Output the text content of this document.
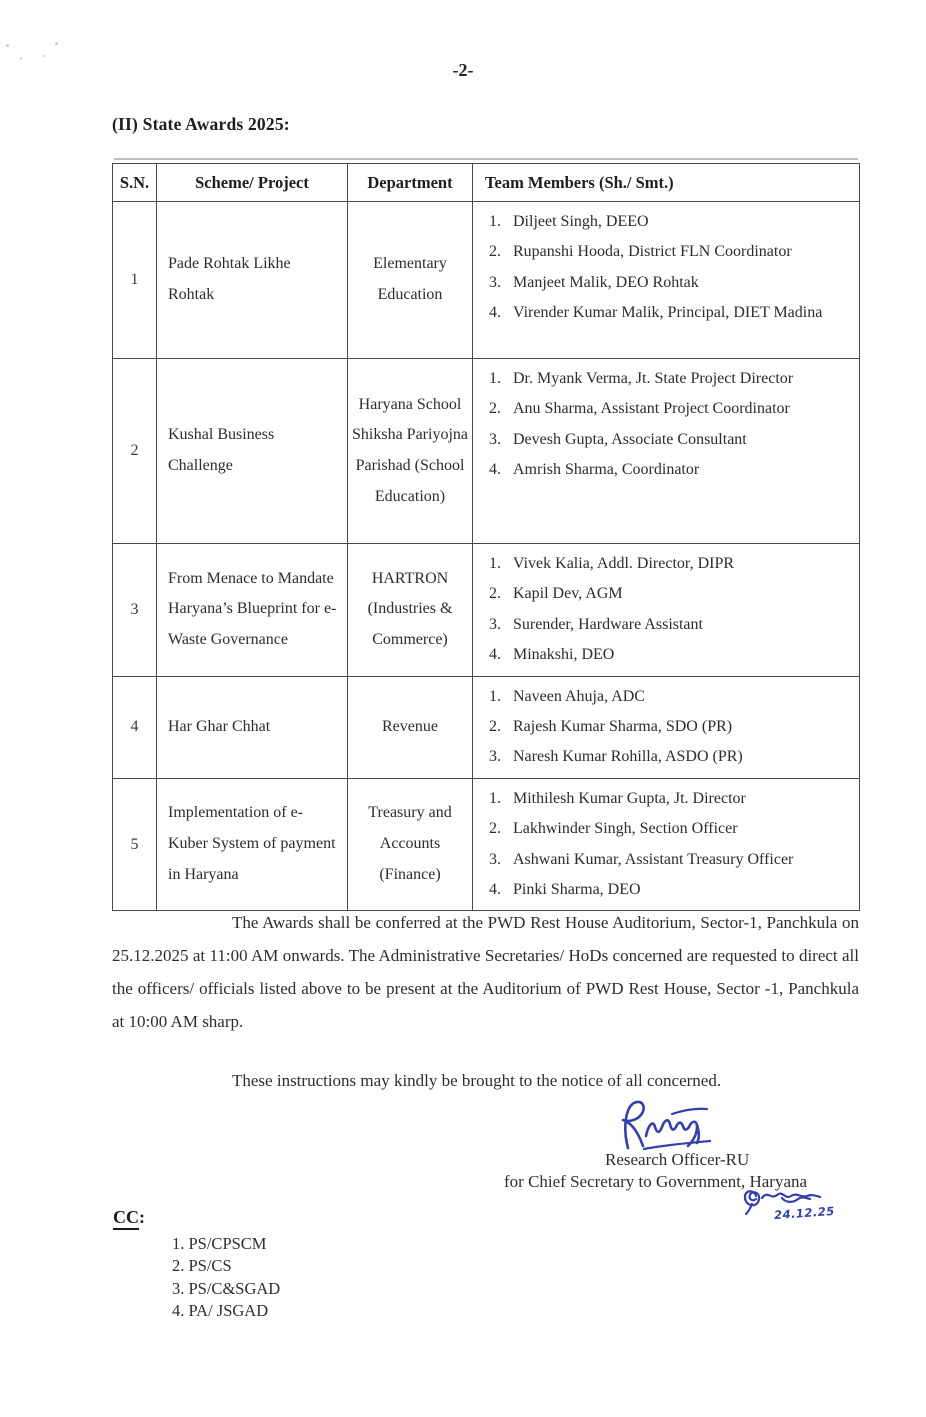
-2-
(II) State Awards 2025:
S.N.	Scheme/ Project	Department	Team Members (Sh./ Smt.)
1	Pade Rohtak Likhe Rohtak	Elementary Education	
Diljeet Singh, DEEO
Rupanshi Hooda, District FLN Coordinator
Manjeet Malik, DEO Rohtak
Virender Kumar Malik, Principal, DIET Madina

2	Kushal Business Challenge	Haryana School Shiksha Pariyojna Parishad (School Education)	
Dr. Myank Verma, Jt. State Project Director
Anu Sharma, Assistant Project Coordinator
Devesh Gupta, Associate Consultant
Amrish Sharma, Coordinator

3	From Menace to Mandate Haryana’s Blueprint for e-Waste Governance	HARTRON (Industries & Commerce)	
Vivek Kalia, Addl. Director, DIPR
Kapil Dev, AGM
Surender, Hardware Assistant
Minakshi, DEO

4	Har Ghar Chhat	Revenue	
Naveen Ahuja, ADC
Rajesh Kumar Sharma, SDO (PR)
Naresh Kumar Rohilla, ASDO (PR)

5	Implementation of e-Kuber System of payment in Haryana	Treasury and Accounts (Finance)	
Mithilesh Kumar Gupta, Jt. Director
Lakhwinder Singh, Section Officer
Ashwani Kumar, Assistant Treasury Officer
Pinki Sharma, DEO

The Awards shall be conferred at the PWD Rest House Auditorium, Sector-1, Panchkula on 25.12.2025 at 11:00 AM onwards. The Administrative Secretaries/ HoDs concerned are requested to direct all the officers/ officials listed above to be present at the Auditorium of PWD Rest House, Sector -1, Panchkula at 10:00 AM sharp.

These instructions may kindly be brought to the notice of all concerned.

Research Officer-RU
for Chief Secretary to Government, Haryana
24.12.25
CC:
PS/CPSCM
PS/CS
PS/C&SGAD
PA/ JSGAD
